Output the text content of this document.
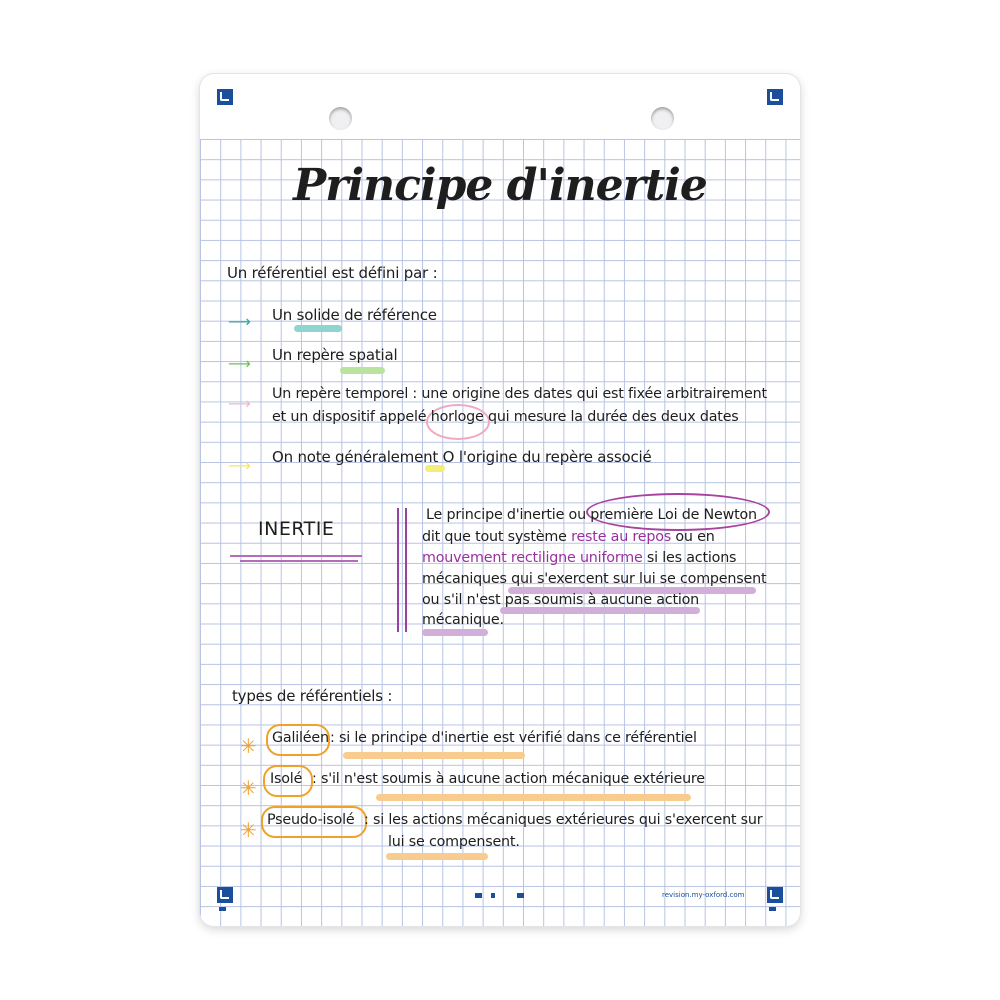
Principe d'inertie
Un référentiel est défini par :
⟶ Un solide de référence
⟶ Un repère spatial
⟶ Un repère temporel : une origine des dates qui est fixée arbitrairement
et un dispositif appelé horloge qui mesure la durée des deux dates
⟶ On note généralement O l'origine du repère associé
INERTIE
Le principe d'inertie ou première Loi de Newton
dit que tout système reste au repos ou en
mouvement rectiligne uniforme si les actions
mécaniques qui s'exercent sur lui se compensent
ou s'il n'est pas soumis à aucune action
mécanique.
types de référentiels :
✳ Galiléen : si le principe d'inertie est vérifié dans ce référentiel
✳ Isolé : s'il n'est soumis à aucune action mécanique extérieure
✳ Pseudo-isolé : si les actions mécaniques extérieures qui s'exercent sur
lui se compensent.
revision.my-oxford.com
